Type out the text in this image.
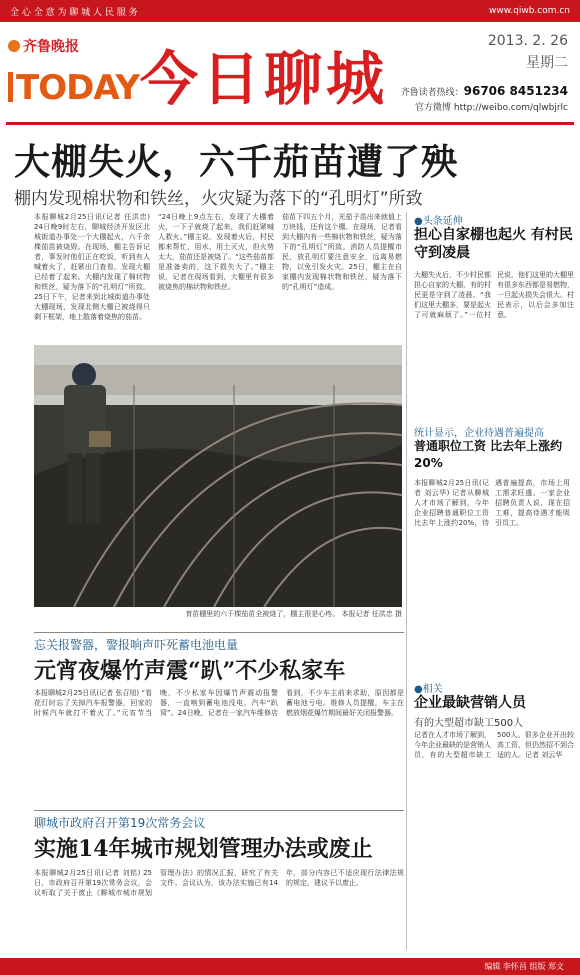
全 心 全 意 为 聊 城 人 民 服 务	www.qiwb.com.cn
齐鲁晚报
TODAY 今日聊城
2013. 2. 26
星期二
齐鲁读者热线：96706 8451234
官方微博 http://weibo.com/qlwbjrlc
大棚失火，六千茄苗遭了殃
棚内发现棉状物和铁丝，火灾疑为落下的“孔明灯”所致
本报聊城2月25日讯(记者 任洪忠) 24日晚9时左右，聊城经济开发区北城街道办事处一个大棚起火，六千余棵茄苗被烧毁。在现场，棚主告诉记者，事发时他们正在吃饭，听到有人喊着火了，赶紧出门查看，发现大棚已经着了起来。大棚内发现了棉状物和铁丝，疑为落下的“孔明灯”所致。25日下午，记者来到北城街道办事处大棚现场，发现北侧大棚已被烧得只剩下框架，地上散落着烧焦的茄苗。
“24日晚上9点左右，发现了大棚着火，一下子就烧了起来，我们赶紧喊人救火。”棚主说，发现着火后，村民都来帮忙，用水、用土灭火，但火势太大，茄苗还是被烧了。“这些茄苗都是准备卖的，这下损失大了。”棚主说，记者在现场看到，大棚里有很多被烧焦的棉状物和铁丝。
茄苗下四五个月，光茄子苗出来就值上万块钱，还有这个棚。在现场，记者看到大棚内有一些棉状物和铁丝，疑为落下的“孔明灯”所致。消防人员提醒市民，放孔明灯要注意安全，远离易燃物，以免引发火灾。25日，棚主在自家棚内发现棉状物和铁丝，疑为落下的“孔明灯”造成。
育苗棚里的六千棵茄苗全被烧了，棚主很是心疼。 本报记者 任洪忠 摄
●头条延伸
担心自家棚也起火 有村民守到凌晨
大棚失火后，不少村民都担心自家的大棚，有的村民更是守到了凌晨。“我们这里大棚多，要是起火了可就麻烦了。”一位村民说，他们这里的大棚里有很多东西都是易燃物，一旦起火损失会很大。村民表示，以后会多加注意。
统计显示，企业待遇普遍提高
普通职位工资 比去年上涨约 20%
本报聊城2月25日讯(记者 刘云华) 记者从聊城人才市场了解到，今年企业招聘普通职位工资比去年上涨约20%，待遇普遍提高，市场上用工需求旺盛。一家企业招聘负责人说，现在招工难，提高待遇才能吸引员工。
●相关
企业最缺营销人员
有的大型超市缺工500人
记者在人才市场了解到，今年企业最缺的是营销人员，有的大型超市缺工500人。很多企业开出较高工资，但仍然招不到合适的人。记者 刘云华
忘关报警器，警报响声吓死蓄电池电量
元宵夜爆竹声震“趴”不少私家车
本报聊城2月25日讯(记者 张召旭) “看花灯时忘了关掉汽车报警器，回家的时候汽车就打不着火了。”元宵节当晚，不少私家车因爆竹声震动报警器，一直响到蓄电池没电，汽车“趴窝”。24日晚，记者在一家汽车维修店看到，不少车主前来求助，原因都是蓄电池亏电。维修人员提醒，车主在燃放烟花爆竹期间最好关闭报警器。
聊城市政府召开第19次常务会议
实施14年城市规划管理办法或废止
本报聊城2月25日讯(记者 刘铭) 25日，市政府召开第19次常务会议，会议听取了关于废止《聊城市城市规划管理办法》的情况汇报，研究了有关文件。会议认为，该办法实施已有14年，部分内容已不适应现行法律法规的规定，建议予以废止。
编辑 李怀昌 组版 郑文
